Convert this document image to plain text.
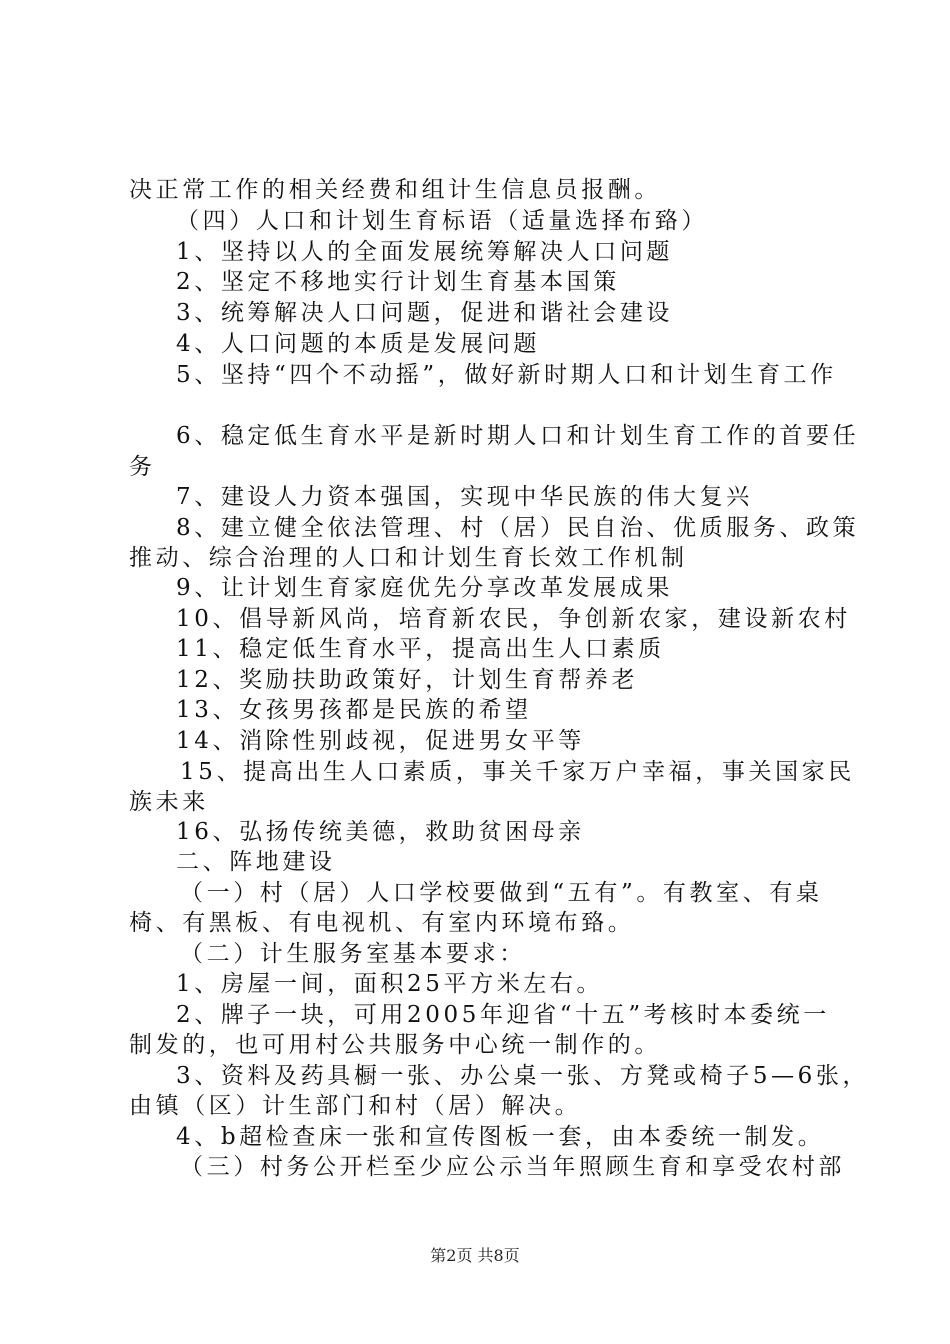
决正常工作的相关经费和组计生信息员报酬。
（四）人口和计划生育标语（适量选择布臵）
1、坚持以人的全面发展统筹解决人口问题
2、坚定不移地实行计划生育基本国策
3、统筹解决人口问题，促进和谐社会建设
4、人口问题的本质是发展问题
5、坚持“四个不动摇”，做好新时期人口和计划生育工作
6、稳定低生育水平是新时期人口和计划生育工作的首要任
务
7、建设人力资本强国，实现中华民族的伟大复兴
8、建立健全依法管理、村（居）民自治、优质服务、政策
推动、综合治理的人口和计划生育长效工作机制
9、让计划生育家庭优先分享改革发展成果
10、倡导新风尚，培育新农民，争创新农家，建设新农村
11、稳定低生育水平，提高出生人口素质
12、奖励扶助政策好，计划生育帮养老
13、女孩男孩都是民族的希望
14、消除性别歧视，促进男女平等
15、提高出生人口素质，事关千家万户幸福，事关国家民
族未来
16、弘扬传统美德，救助贫困母亲
二、阵地建设
（一）村（居）人口学校要做到“五有”。有教室、有桌
椅、有黑板、有电视机、有室内环境布臵。
（二）计生服务室基本要求：
1、房屋一间，面积25平方米左右。
2、牌子一块，可用2005年迎省“十五”考核时本委统一
制发的，也可用村公共服务中心统一制作的。
3、资料及药具橱一张、办公桌一张、方凳或椅子5—6张，
由镇（区）计生部门和村（居）解决。
4、b超检查床一张和宣传图板一套，由本委统一制发。
（三）村务公开栏至少应公示当年照顾生育和享受农村部
第2页 共8页
